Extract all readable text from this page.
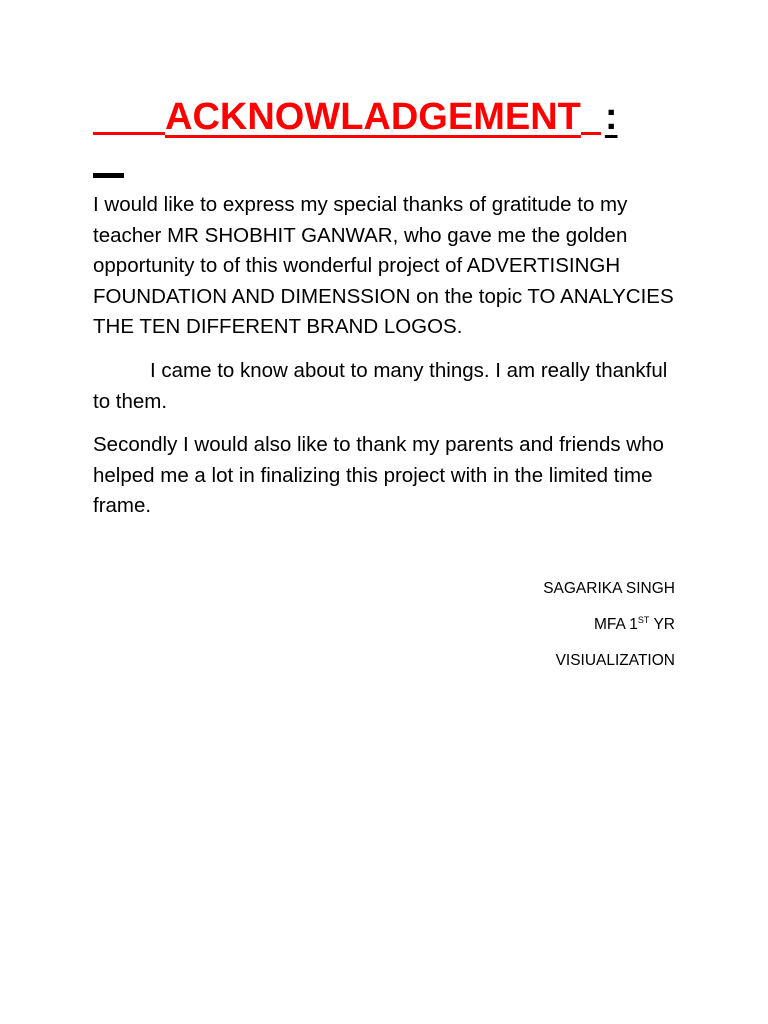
ACKNOWLADGEMENT :

I would like to express my special thanks of gratitude to my teacher MR SHOBHIT GANWAR, who gave me the golden opportunity to of this wonderful project of ADVERTISINGH FOUNDATION AND DIMENSSION on the topic TO ANALYCIES THE TEN DIFFERENT BRAND LOGOS.

I came to know about to many things. I am really thankful to them.

Secondly I would also like to thank my parents and friends who helped me a lot in finalizing this project with in the limited time frame.

SAGARIKA SINGH
MFA 1ST YR
VISIUALIZATION
